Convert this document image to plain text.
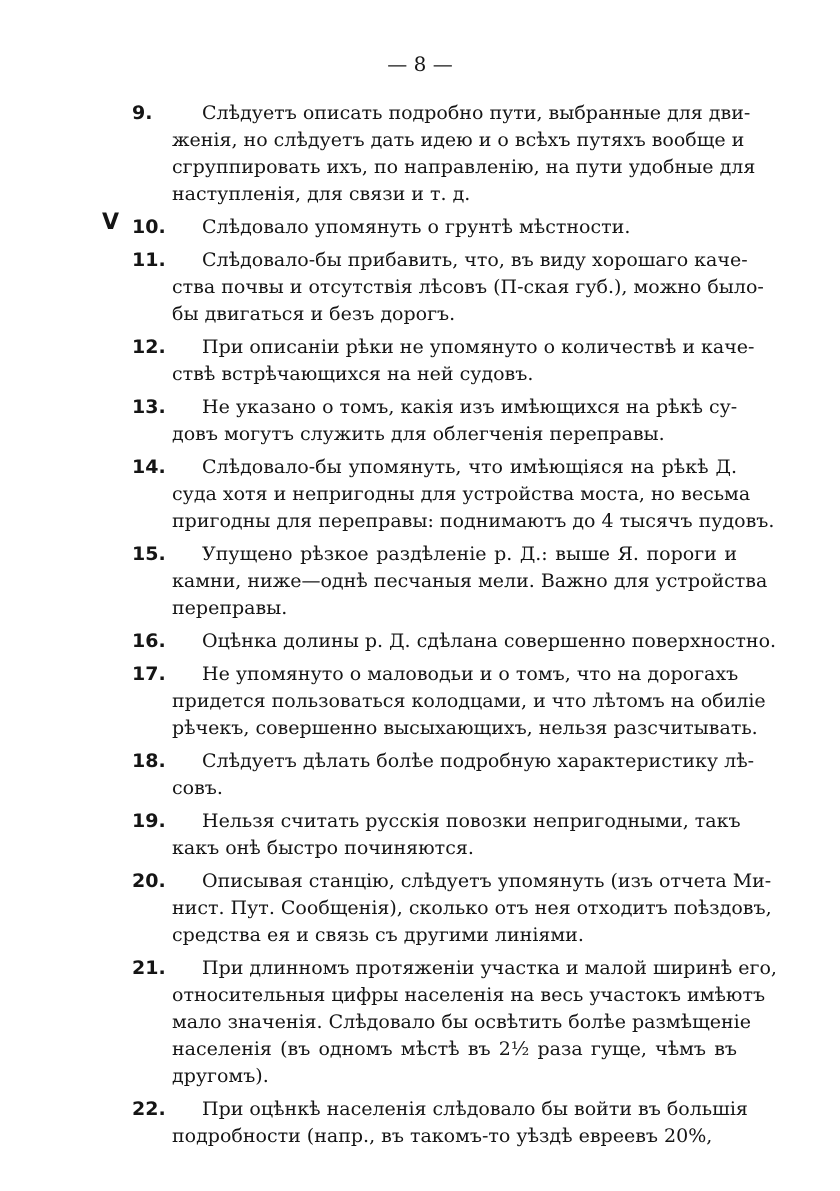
— 8 —
9.	Слѣдуетъ описать подробно пути, выбранные для дви-
женія, но слѣдуетъ дать идею и о всѣхъ путяхъ вообще и
сгруппировать ихъ, по направленію, на пути удобные для
наступленія, для связи и т. д.
V 10.	Слѣдовало упомянуть о грунтѣ мѣстности.
11.	Слѣдовало-бы прибавить, что, въ виду хорошаго каче-
ства почвы и отсутствія лѣсовъ (П-ская губ.), можно было-
бы двигаться и безъ дорогъ.
12.	При описаніи рѣки не упомянуто о количествѣ и каче-
ствѣ встрѣчающихся на ней судовъ.
13.	Не указано о томъ, какія изъ имѣющихся на рѣкѣ су-
довъ могутъ служить для облегченія переправы.
14.	Слѣдовало-бы упомянуть, что имѣющіяся на рѣкѣ Д.
суда хотя и непригодны для устройства моста, но весьма
пригодны для переправы: поднимаютъ до 4 тысячъ пудовъ.
15.	Упущено рѣзкое раздѣленіе р. Д.: выше Я. пороги и
камни, ниже—однѣ песчаныя мели. Важно для устройства
переправы.
16.	Оцѣнка долины р. Д. сдѣлана совершенно поверхностно.
17.	Не упомянуто о маловодьи и о томъ, что на дорогахъ
придется пользоваться колодцами, и что лѣтомъ на обиліе
рѣчекъ, совершенно высыхающихъ, нельзя разсчитывать.
18.	Слѣдуетъ дѣлать болѣе подробную характеристику лѣ-
совъ.
19.	Нельзя считать русскія повозки непригодными, такъ
какъ онѣ быстро починяются.
20.	Описывая станцію, слѣдуетъ упомянуть (изъ отчета Ми-
нист. Пут. Сообщенія), сколько отъ нея отходитъ поѣздовъ,
средства ея и связь съ другими линіями.
21.	При длинномъ протяженіи участка и малой ширинѣ его,
относительныя цифры населенія на весь участокъ имѣютъ
мало значенія. Слѣдовало бы освѣтить болѣе размѣщеніе
населенія (въ одномъ мѣстѣ въ 2½ раза гуще, чѣмъ въ
другомъ).
22.	При оцѣнкѣ населенія слѣдовало бы войти въ большія
подробности (напр., въ такомъ-то уѣздѣ евреевъ 20%,
